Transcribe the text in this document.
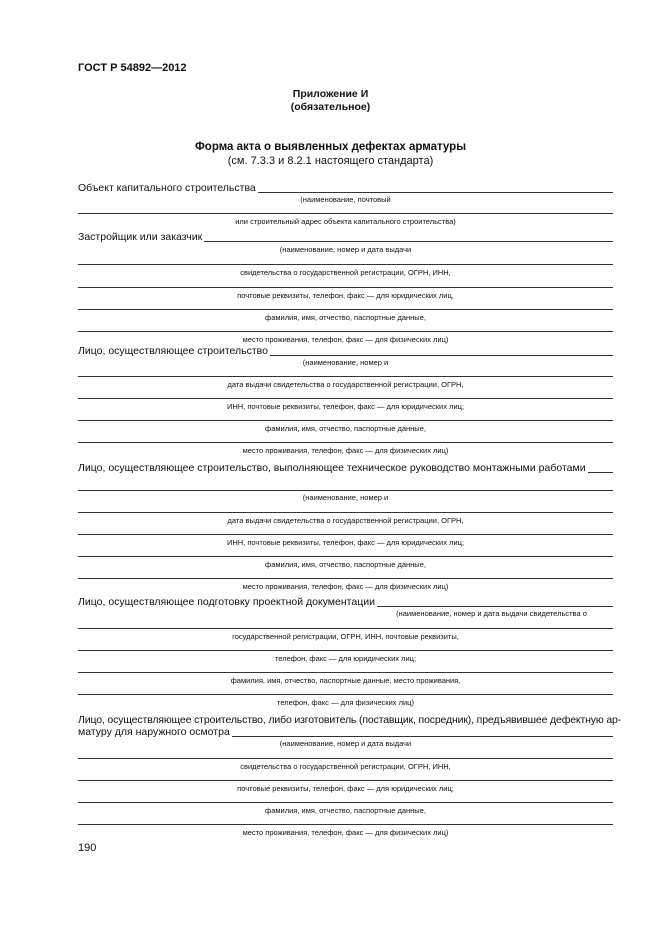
ГОСТ Р 54892—2012
Приложение И
(обязательное)
Форма акта о выявленных дефектах арматуры
(см. 7.3.3 и 8.2.1 настоящего стандарта)
Объект капитального строительства
(наименование, почтовый
или строительный адрес объекта капитального строительства)
Застройщик или заказчик
(наименование, номер и дата выдачи
свидетельства о государственной регистрации, ОГРН, ИНН,
почтовые реквизиты, телефон, факс — для юридических лиц,
фамилия, имя, отчество, паспортные данные,
место проживания, телефон, факс — для физических лиц)
Лицо, осуществляющее строительство
(наименование, номер и
дата выдачи свидетельства о государственной регистрации, ОГРН,
ИНН, почтовые реквизиты, телефон, факс — для юридических лиц;
фамилия, имя, отчество, паспортные данные,
место проживания, телефон, факс — для физических лиц)
Лицо, осуществляющее строительство, выполняющее техническое руководство монтажными работами
(наименование, номер и
дата выдачи свидетельства о государственной регистрации, ОГРН,
ИНН, почтовые реквизиты, телефон, факс — для юридических лиц;
фамилия, имя, отчество, паспортные данные,
место проживания, телефон, факс — для физических лиц)
Лицо, осуществляющее подготовку проектной документации
(наименование, номер и дата выдачи свидетельства о
государственной регистрации, ОГРН, ИНН, почтовые реквизиты,
телефон, факс — для юридических лиц;
фамилия, имя, отчество, паспортные данные, место проживания,
телефон, факс — для физических лиц)
Лицо, осуществляющее строительство, либо изготовитель (поставщик, посредник), предъявившее дефектную ар-
матуру для наружного осмотра
(наименование, номер и дата выдачи
свидетельства о государственной регистрации, ОГРН, ИНН,
почтовые реквизиты, телефон, факс — для юридических лиц;
фамилия, имя, отчество, паспортные данные,
место проживания, телефон, факс — для физических лиц)
190
